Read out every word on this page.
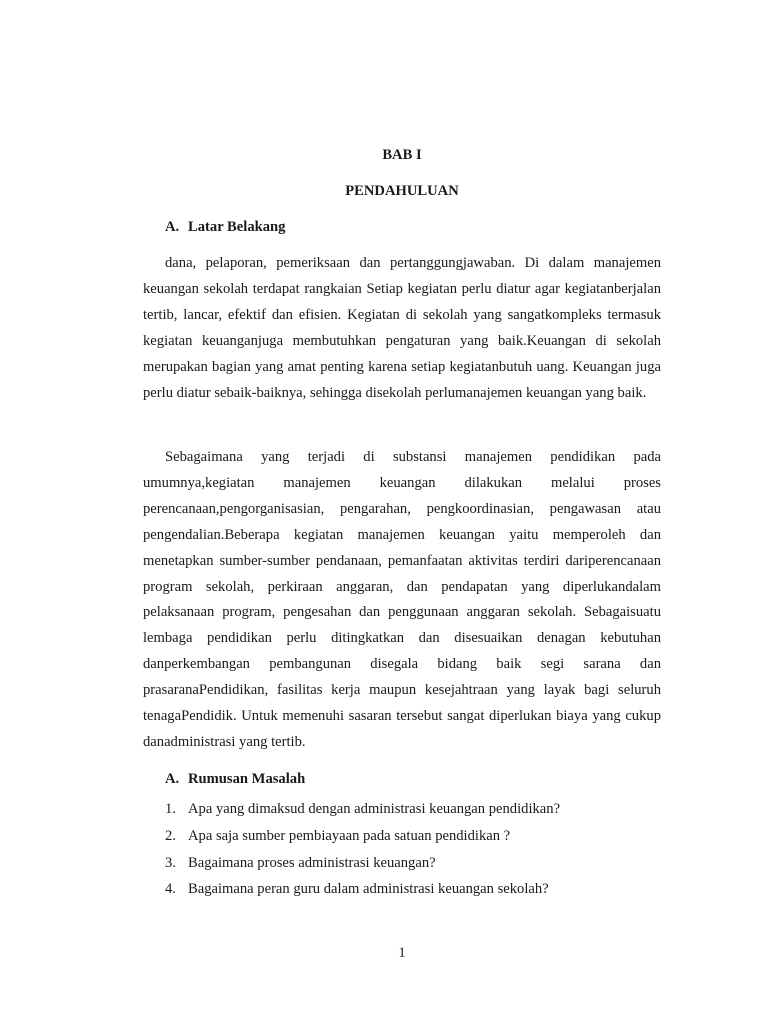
BAB I
PENDAHULUAN
A. Latar Belakang

dana, pelaporan, pemeriksaan dan pertanggungjawaban. Di dalam manajemen keuangan sekolah terdapat rangkaian Setiap kegiatan perlu diatur agar kegiatanberjalan tertib, lancar, efektif dan efisien. Kegiatan di sekolah yang sangatkompleks termasuk kegiatan keuanganjuga membutuhkan pengaturan yang baik.Keuangan di sekolah merupakan bagian yang amat penting karena setiap kegiatanbutuh uang. Keuangan juga perlu diatur sebaik-baiknya, sehingga disekolah perlumanajemen keuangan yang baik.

Sebagaimana yang terjadi di substansi manajemen pendidikan pada umumnya,kegiatan manajemen keuangan dilakukan melalui proses perencanaan,pengorganisasian, pengarahan, pengkoordinasian, pengawasan atau pengendalian.Beberapa kegiatan manajemen keuangan yaitu memperoleh dan menetapkan sumber-sumber pendanaan, pemanfaatan aktivitas terdiri dariperencanaan program sekolah, perkiraan anggaran, dan pendapatan yang diperlukandalam pelaksanaan program, pengesahan dan penggunaan anggaran sekolah. Sebagaisuatu lembaga pendidikan perlu ditingkatkan dan disesuaikan denagan kebutuhan danperkembangan pembangunan disegala bidang baik segi sarana dan prasaranaPendidikan, fasilitas kerja maupun kesejahtraan yang layak bagi seluruh tenagaPendidik. Untuk memenuhi sasaran tersebut sangat diperlukan biaya yang cukup danadministrasi yang tertib.

A. Rumusan Masalah
1. Apa yang dimaksud dengan administrasi keuangan pendidikan?
2. Apa saja sumber pembiayaan pada satuan pendidikan ?
3. Bagaimana proses administrasi keuangan?
4. Bagaimana peran guru dalam administrasi keuangan sekolah?
1
